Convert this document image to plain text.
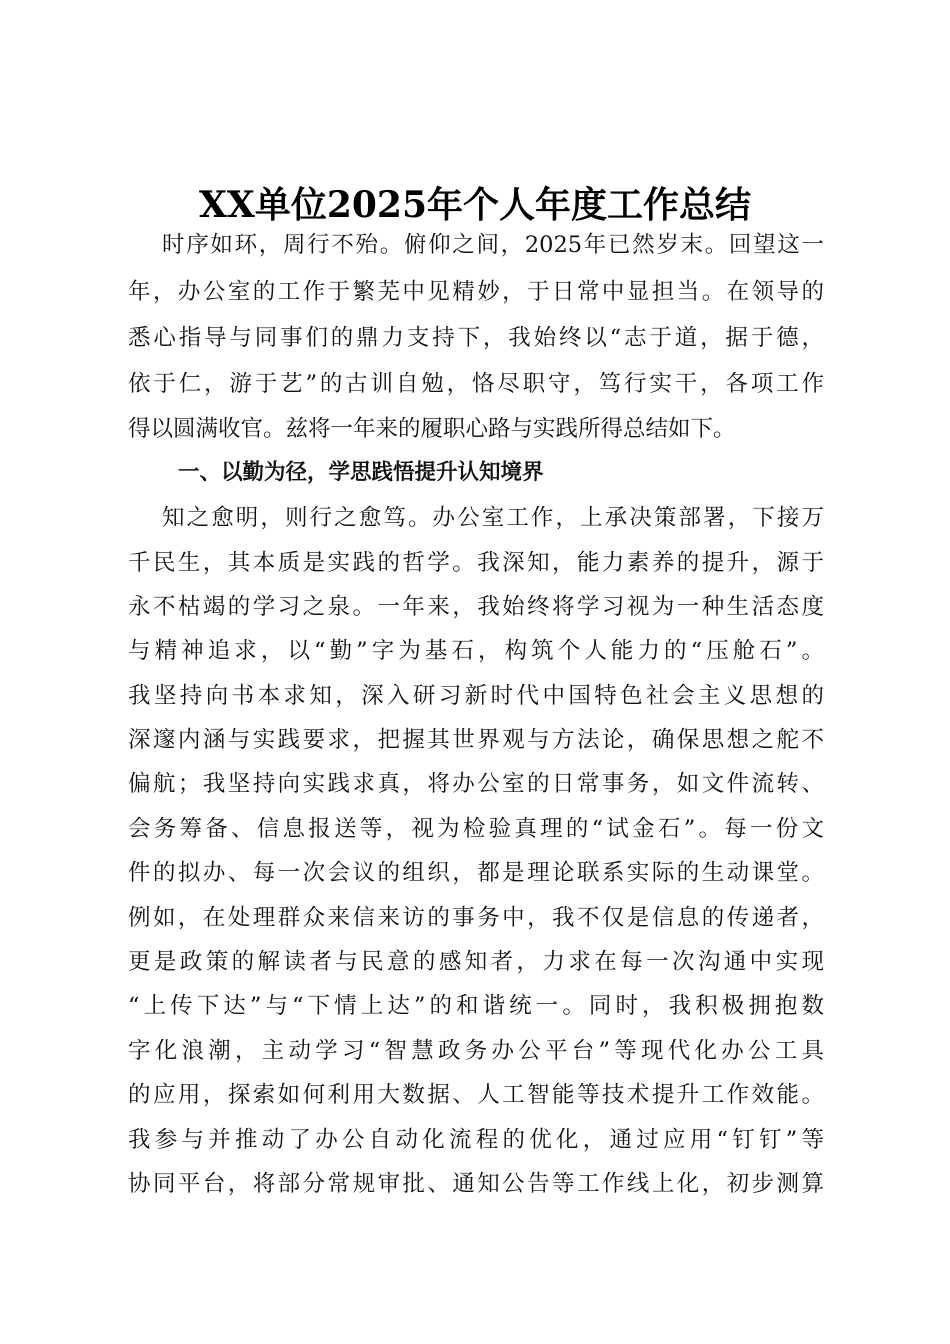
XX单位2025年个人年度工作总结

时序如环，周行不殆。俯仰之间，2025年已然岁末。回望这一

年，办公室的工作于繁芜中见精妙，于日常中显担当。在领导的

悉心指导与同事们的鼎力支持下，我始终以“志于道，据于德，

依于仁，游于艺”的古训自勉，恪尽职守，笃行实干，各项工作

得以圆满收官。兹将一年来的履职心路与实践所得总结如下。

一、以勤为径，学思践悟提升认知境界

知之愈明，则行之愈笃。办公室工作，上承决策部署，下接万

千民生，其本质是实践的哲学。我深知，能力素养的提升，源于

永不枯竭的学习之泉。一年来，我始终将学习视为一种生活态度

与精神追求，以“勤”字为基石，构筑个人能力的“压舱石”。

我坚持向书本求知，深入研习新时代中国特色社会主义思想的

深邃内涵与实践要求，把握其世界观与方法论，确保思想之舵不

偏航；我坚持向实践求真，将办公室的日常事务，如文件流转、

会务筹备、信息报送等，视为检验真理的“试金石”。每一份文

件的拟办、每一次会议的组织，都是理论联系实际的生动课堂。

例如，在处理群众来信来访的事务中，我不仅是信息的传递者，

更是政策的解读者与民意的感知者，力求在每一次沟通中实现

“上传下达”与“下情上达”的和谐统一。同时，我积极拥抱数

字化浪潮，主动学习“智慧政务办公平台”等现代化办公工具

的应用，探索如何利用大数据、人工智能等技术提升工作效能。

我参与并推动了办公自动化流程的优化，通过应用“钉钉”等

协同平台，将部分常规审批、通知公告等工作线上化，初步测算
